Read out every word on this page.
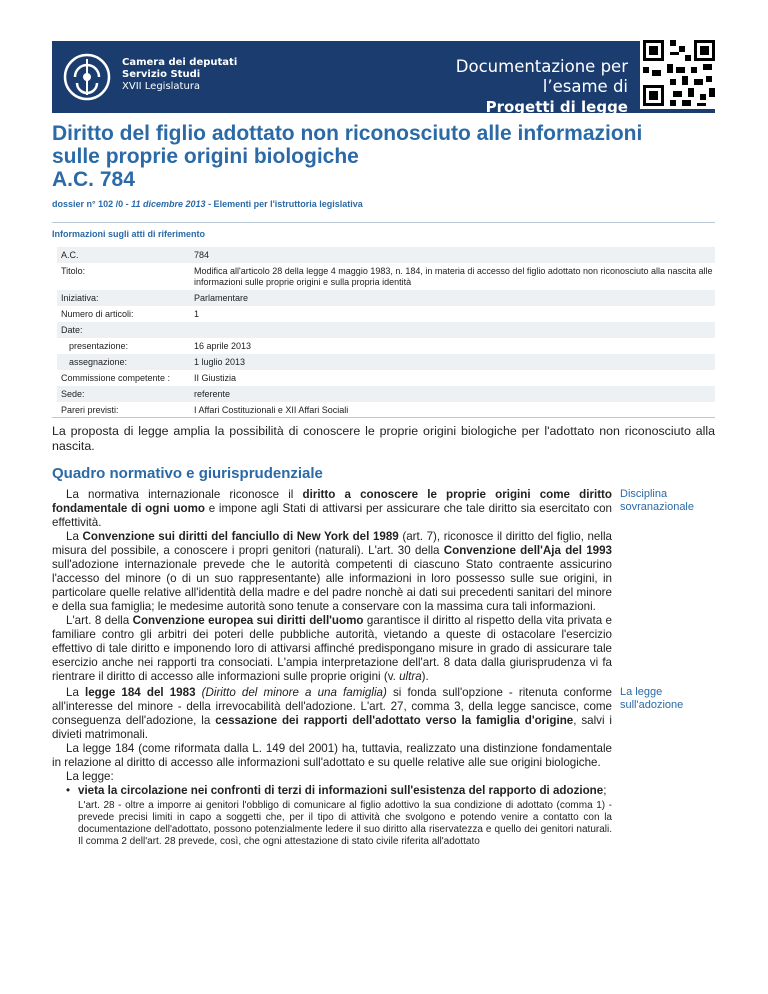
Camera dei deputati
Servizio Studi
XVII Legislatura
Documentazione per l’esame di
Progetti di legge
Diritto del figlio adottato non riconosciuto alle informazioni
sulle proprie origini biologiche
A.C. 784
dossier n° 102 /0 - 11 dicembre 2013 - Elementi per l'istruttoria legislativa
Informazioni sugli atti di riferimento
A.C.	784
Titolo:	Modifica all'articolo 28 della legge 4 maggio 1983, n. 184, in materia di accesso del figlio adottato non riconosciuto alla nascita alle informazioni sulle proprie origini e sulla propria identità
Iniziativa:	Parlamentare
Numero di articoli:	1
Date:
presentazione:	16 aprile 2013
assegnazione:	1 luglio 2013
Commissione competente :	II Giustizia
Sede:	referente
Pareri previsti:	I Affari Costituzionali e XII Affari Sociali
La proposta di legge amplia la possibilità di conoscere le proprie origini biologiche per l'adottato non riconosciuto alla nascita.
Quadro normativo e giurisprudenziale
Disciplina
sovranazionale
La legge
sull'adozione
La normativa internazionale riconosce il diritto a conoscere le proprie origini come diritto fondamentale di ogni uomo e impone agli Stati di attivarsi per assicurare che tale diritto sia esercitato con effettività.
La Convenzione sui diritti del fanciullo di New York del 1989 (art. 7), riconosce il diritto del figlio, nella misura del possibile, a conoscere i propri genitori (naturali). L'art. 30 della Convenzione dell'Aja del 1993 sull'adozione internazionale prevede che le autorità competenti di ciascuno Stato contraente assicurino l'accesso del minore (o di un suo rappresentante) alle informazioni in loro possesso sulle sue origini, in particolare quelle relative all'identità della madre e del padre nonchè ai dati sui precedenti sanitari del minore e della sua famiglia; le medesime autorità sono tenute a conservare con la massima cura tali informazioni.
L'art. 8 della Convenzione europea sui diritti dell'uomo garantisce il diritto al rispetto della vita privata e familiare contro gli arbitri dei poteri delle pubbliche autorità, vietando a queste di ostacolare l'esercizio effettivo di tale diritto e imponendo loro di attivarsi affinché predispongano misure in grado di assicurare tale esercizio anche nei rapporti tra consociati. L'ampia interpretazione dell'art. 8 data dalla giurisprudenza vi fa rientrare il diritto di accesso alle informazioni sulle proprie origini (v. ultra).
La legge 184 del 1983 (Diritto del minore a una famiglia) si fonda sull'opzione - ritenuta conforme all'interesse del minore - della irrevocabilità dell'adozione. L'art. 27, comma 3, della legge sancisce, come conseguenza dell'adozione, la cessazione dei rapporti dell'adottato verso la famiglia d'origine, salvi i divieti matrimonali.
La legge 184 (come riformata dalla L. 149 del 2001) ha, tuttavia, realizzato una distinzione fondamentale in relazione al diritto di accesso alle informazioni sull'adottato e su quelle relative alle sue origini biologiche.
La legge:
• vieta la circolazione nei confronti di terzi di informazioni sull'esistenza del rapporto di adozione;
L'art. 28 - oltre a imporre ai genitori l'obbligo di comunicare al figlio adottivo la sua condizione di adottato (comma 1) - prevede precisi limiti in capo a soggetti che, per il tipo di attività che svolgono e potendo venire a contatto con la documentazione dell'adottato, possono potenzialmente ledere il suo diritto alla riservatezza e quello dei genitori naturali. Il comma 2 dell'art. 28 prevede, così, che ogni attestazione di stato civile riferita all'adottato
